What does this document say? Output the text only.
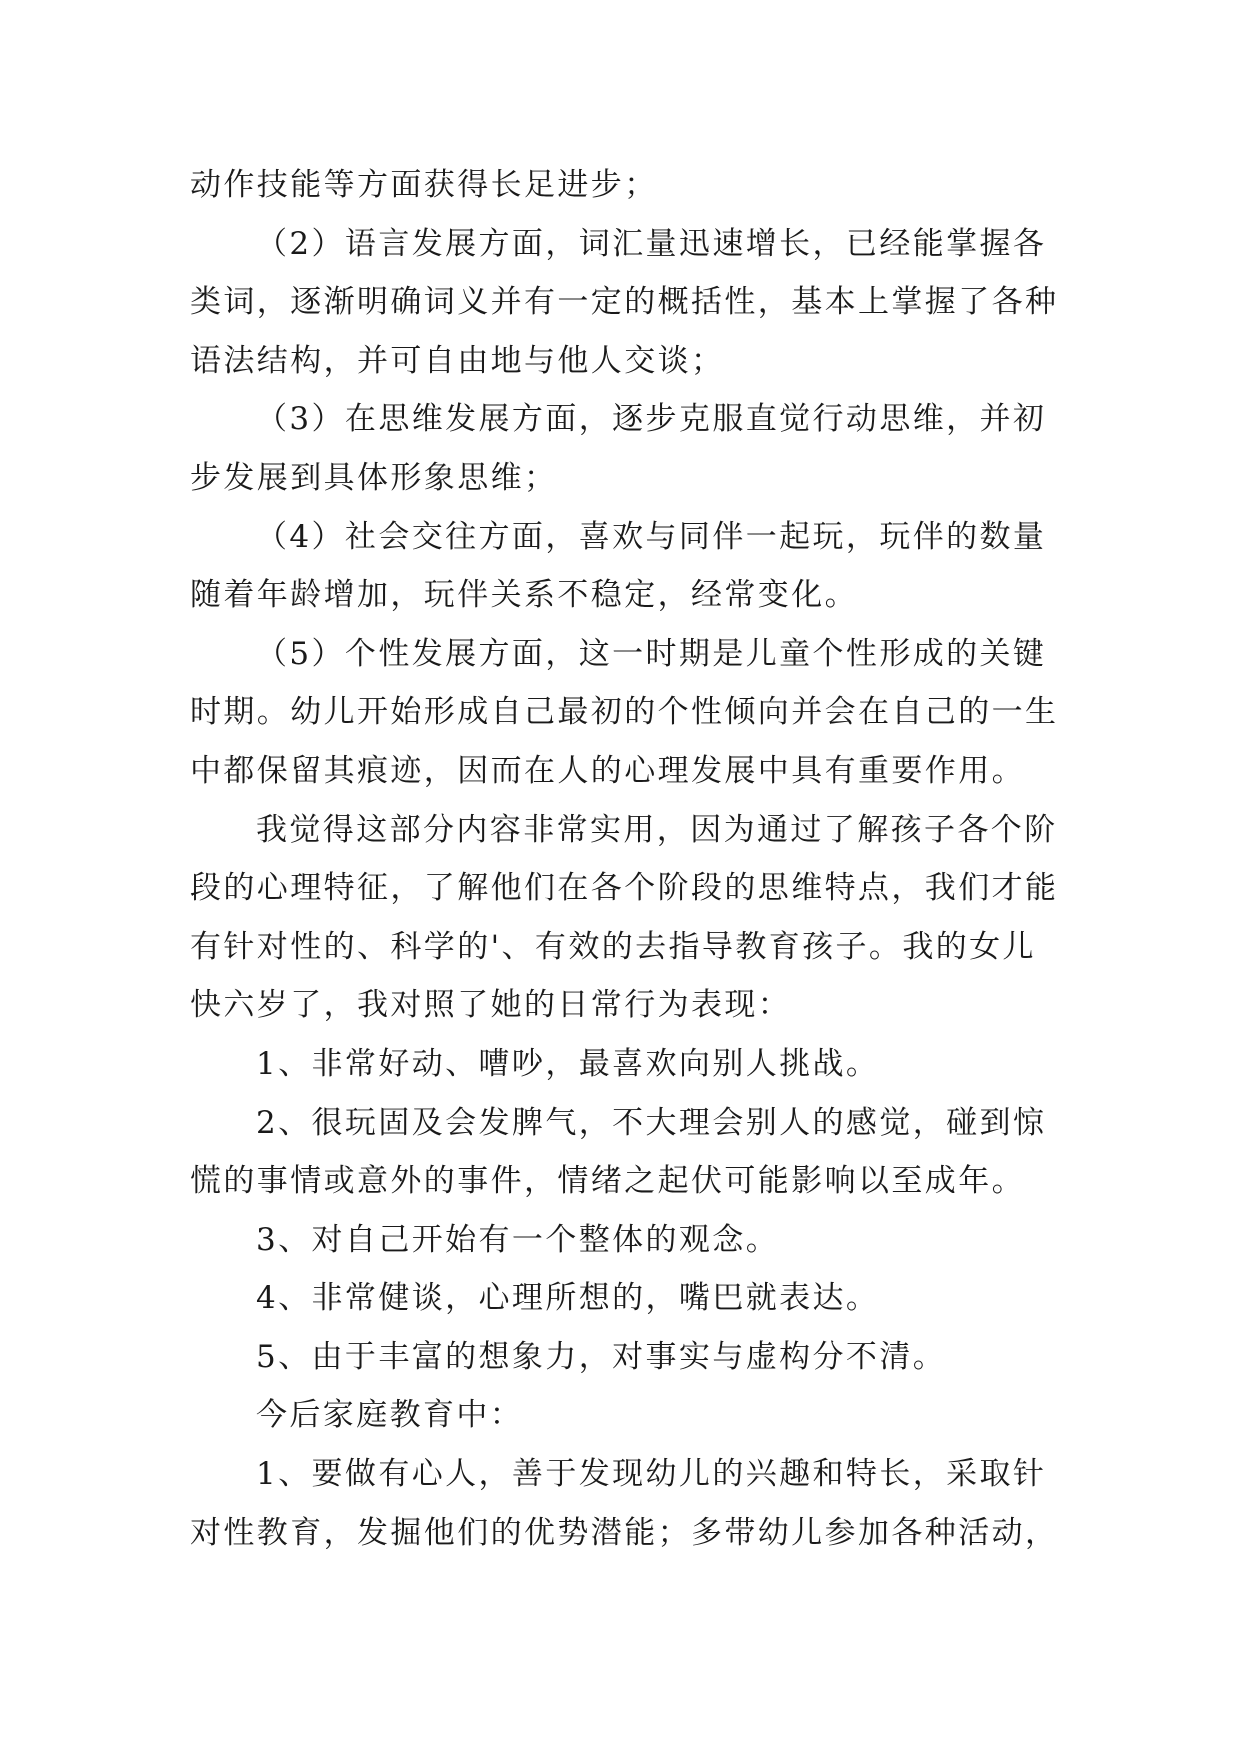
动作技能等方面获得长足进步；

（2）语言发展方面，词汇量迅速增长，已经能掌握各

类词，逐渐明确词义并有一定的概括性，基本上掌握了各种

语法结构，并可自由地与他人交谈；

（3）在思维发展方面，逐步克服直觉行动思维，并初

步发展到具体形象思维；

（4）社会交往方面，喜欢与同伴一起玩，玩伴的数量

随着年龄增加，玩伴关系不稳定，经常变化。

（5）个性发展方面，这一时期是儿童个性形成的关键

时期。幼儿开始形成自己最初的个性倾向并会在自己的一生

中都保留其痕迹，因而在人的心理发展中具有重要作用。

我觉得这部分内容非常实用，因为通过了解孩子各个阶

段的心理特征，了解他们在各个阶段的思维特点，我们才能

有针对性的、科学的'、有效的去指导教育孩子。我的女儿

快六岁了，我对照了她的日常行为表现：

1、非常好动、嘈吵，最喜欢向别人挑战。

2、很玩固及会发脾气，不大理会别人的感觉，碰到惊

慌的事情或意外的事件，情绪之起伏可能影响以至成年。

3、对自己开始有一个整体的观念。

4、非常健谈，心理所想的，嘴巴就表达。

5、由于丰富的想象力，对事实与虚构分不清。

今后家庭教育中：

1、要做有心人，善于发现幼儿的兴趣和特长，采取针

对性教育，发掘他们的优势潜能；多带幼儿参加各种活动，
